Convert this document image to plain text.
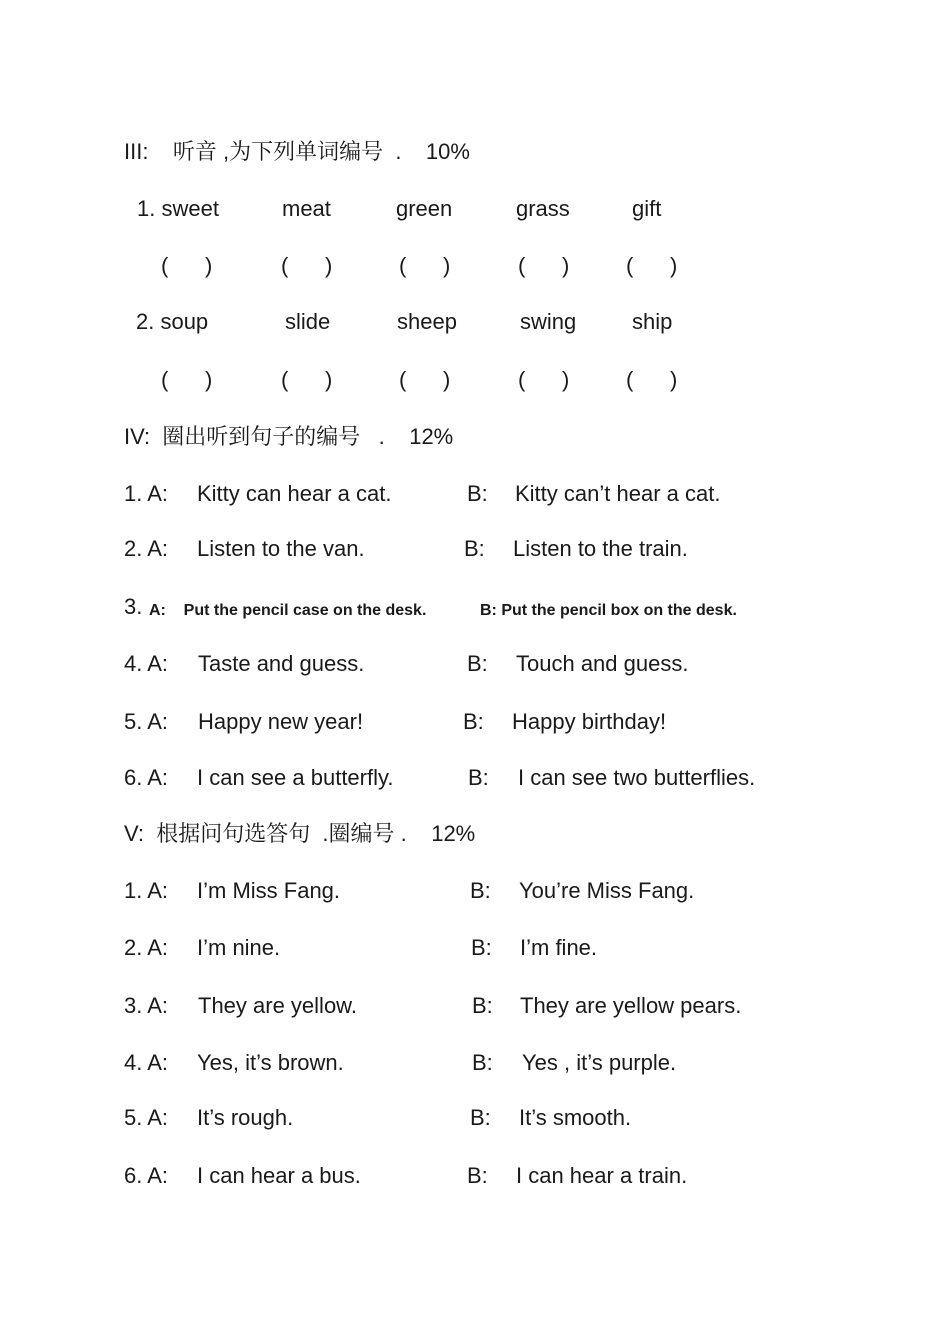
III:    听音 ,为下列单词编号  .    10%
1. sweet	meat	green	grass	gift
(      )	(      )	(      )	(      )	(      )
2. soup	slide	sheep	swing	ship
(      )	(      )	(      )	(      )	(      )
IV:  圈出听到句子的编号   .    12%
1. A: Kitty can hear a cat.	B: Kitty can’t hear a cat.
2. A: Listen to the van.	B: Listen to the train.
3. A:    Put the pencil case on the desk.	B: Put the pencil box on the desk.
4. A: Taste and guess.	B: Touch and guess.
5. A: Happy new year!	B: Happy birthday!
6. A: I can see a butterfly.	B: I can see two butterflies.
V:  根据问句选答句  .圈编号 .    12%
1. A: I’m Miss Fang.	B: You’re Miss Fang.
2. A: I’m nine.	B: I’m fine.
3. A: They are yellow.	B: They are yellow pears.
4. A: Yes, it’s brown.	B: Yes , it’s purple.
5. A: It’s rough.	B: It’s smooth.
6. A: I can hear a bus.	B: I can hear a train.
